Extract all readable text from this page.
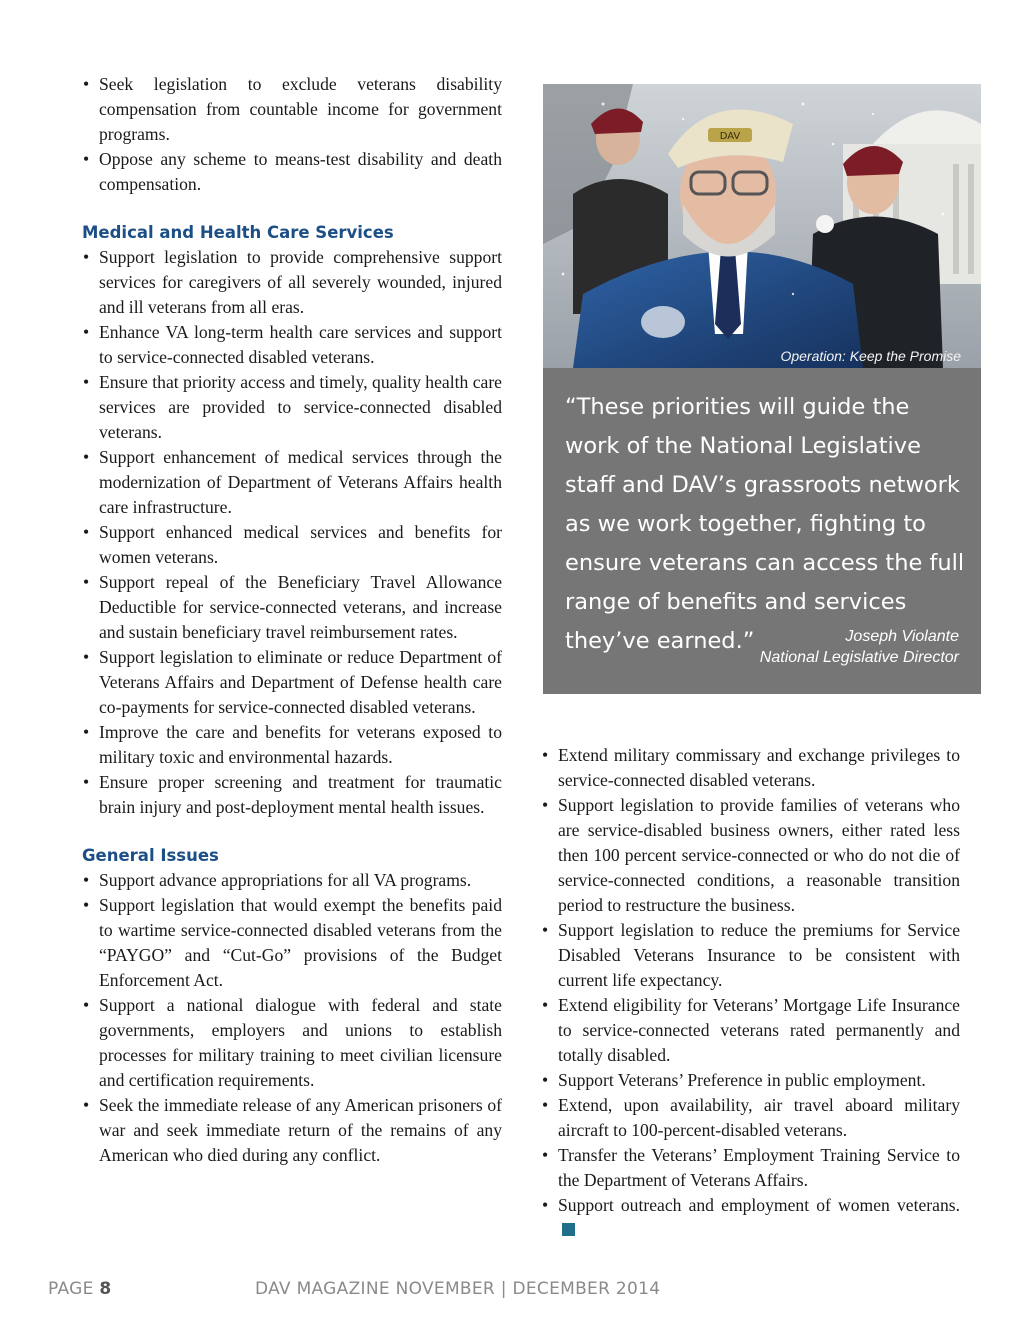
• Seek legislation to exclude veterans disability compensation from countable income for government programs.
• Oppose any scheme to means-test disability and death compensation.
Medical and Health Care Services
• Support legislation to provide comprehensive support services for caregivers of all severely wounded, injured and ill veterans from all eras.
• Enhance VA long-term health care services and support to service-connected disabled veterans.
• Ensure that priority access and timely, quality health care services are provided to service-connected disabled veterans.
• Support enhancement of medical services through the modernization of Department of Veterans Affairs health care infrastructure.
• Support enhanced medical services and benefits for women veterans.
• Support repeal of the Beneficiary Travel Allowance Deductible for service-connected veterans, and increase and sustain beneficiary travel reimbursement rates.
• Support legislation to eliminate or reduce Department of Veterans Affairs and Department of Defense health care co-payments for service-connected disabled veterans.
• Improve the care and benefits for veterans exposed to military toxic and environmental hazards.
• Ensure proper screening and treatment for traumatic brain injury and post-deployment mental health issues.
General Issues
• Support advance appropriations for all VA programs.
• Support legislation that would exempt the benefits paid to wartime service-connected disabled veterans from the “PAYGO” and “Cut-Go” provisions of the Budget Enforcement Act.
• Support a national dialogue with federal and state governments, employers and unions to establish processes for military training to meet civilian licensure and certification requirements.
• Seek the immediate release of any American prisoners of war and seek immediate return of the remains of any American who died during any conflict.
DAV
Operation: Keep the Promise
“These priorities will guide the work of the National Legislative staff and DAV’s grassroots network as we work together, fighting to ensure veterans can access the full range of benefits and services they’ve earned.”	Joseph Violante
National Legislative Director
• Extend military commissary and exchange privileges to service-connected disabled veterans.
• Support legislation to provide families of veterans who are service-disabled business owners, either rated less then 100 percent service-connected or who do not die of service-connected conditions, a reasonable transition period to restructure the business.
• Support legislation to reduce the premiums for Service Disabled Veterans Insurance to be consistent with current life expectancy.
• Extend eligibility for Veterans’ Mortgage Life Insurance to service-connected veterans rated permanently and totally disabled.
• Support Veterans’ Preference in public employment.
• Extend, upon availability, air travel aboard military aircraft to 100-percent-disabled veterans.
• Transfer the Veterans’ Employment Training Service to the Department of Veterans Affairs.
• Support outreach and employment of women veterans.
PAGE 8	DAV MAGAZINE NOVEMBER | DECEMBER 2014
